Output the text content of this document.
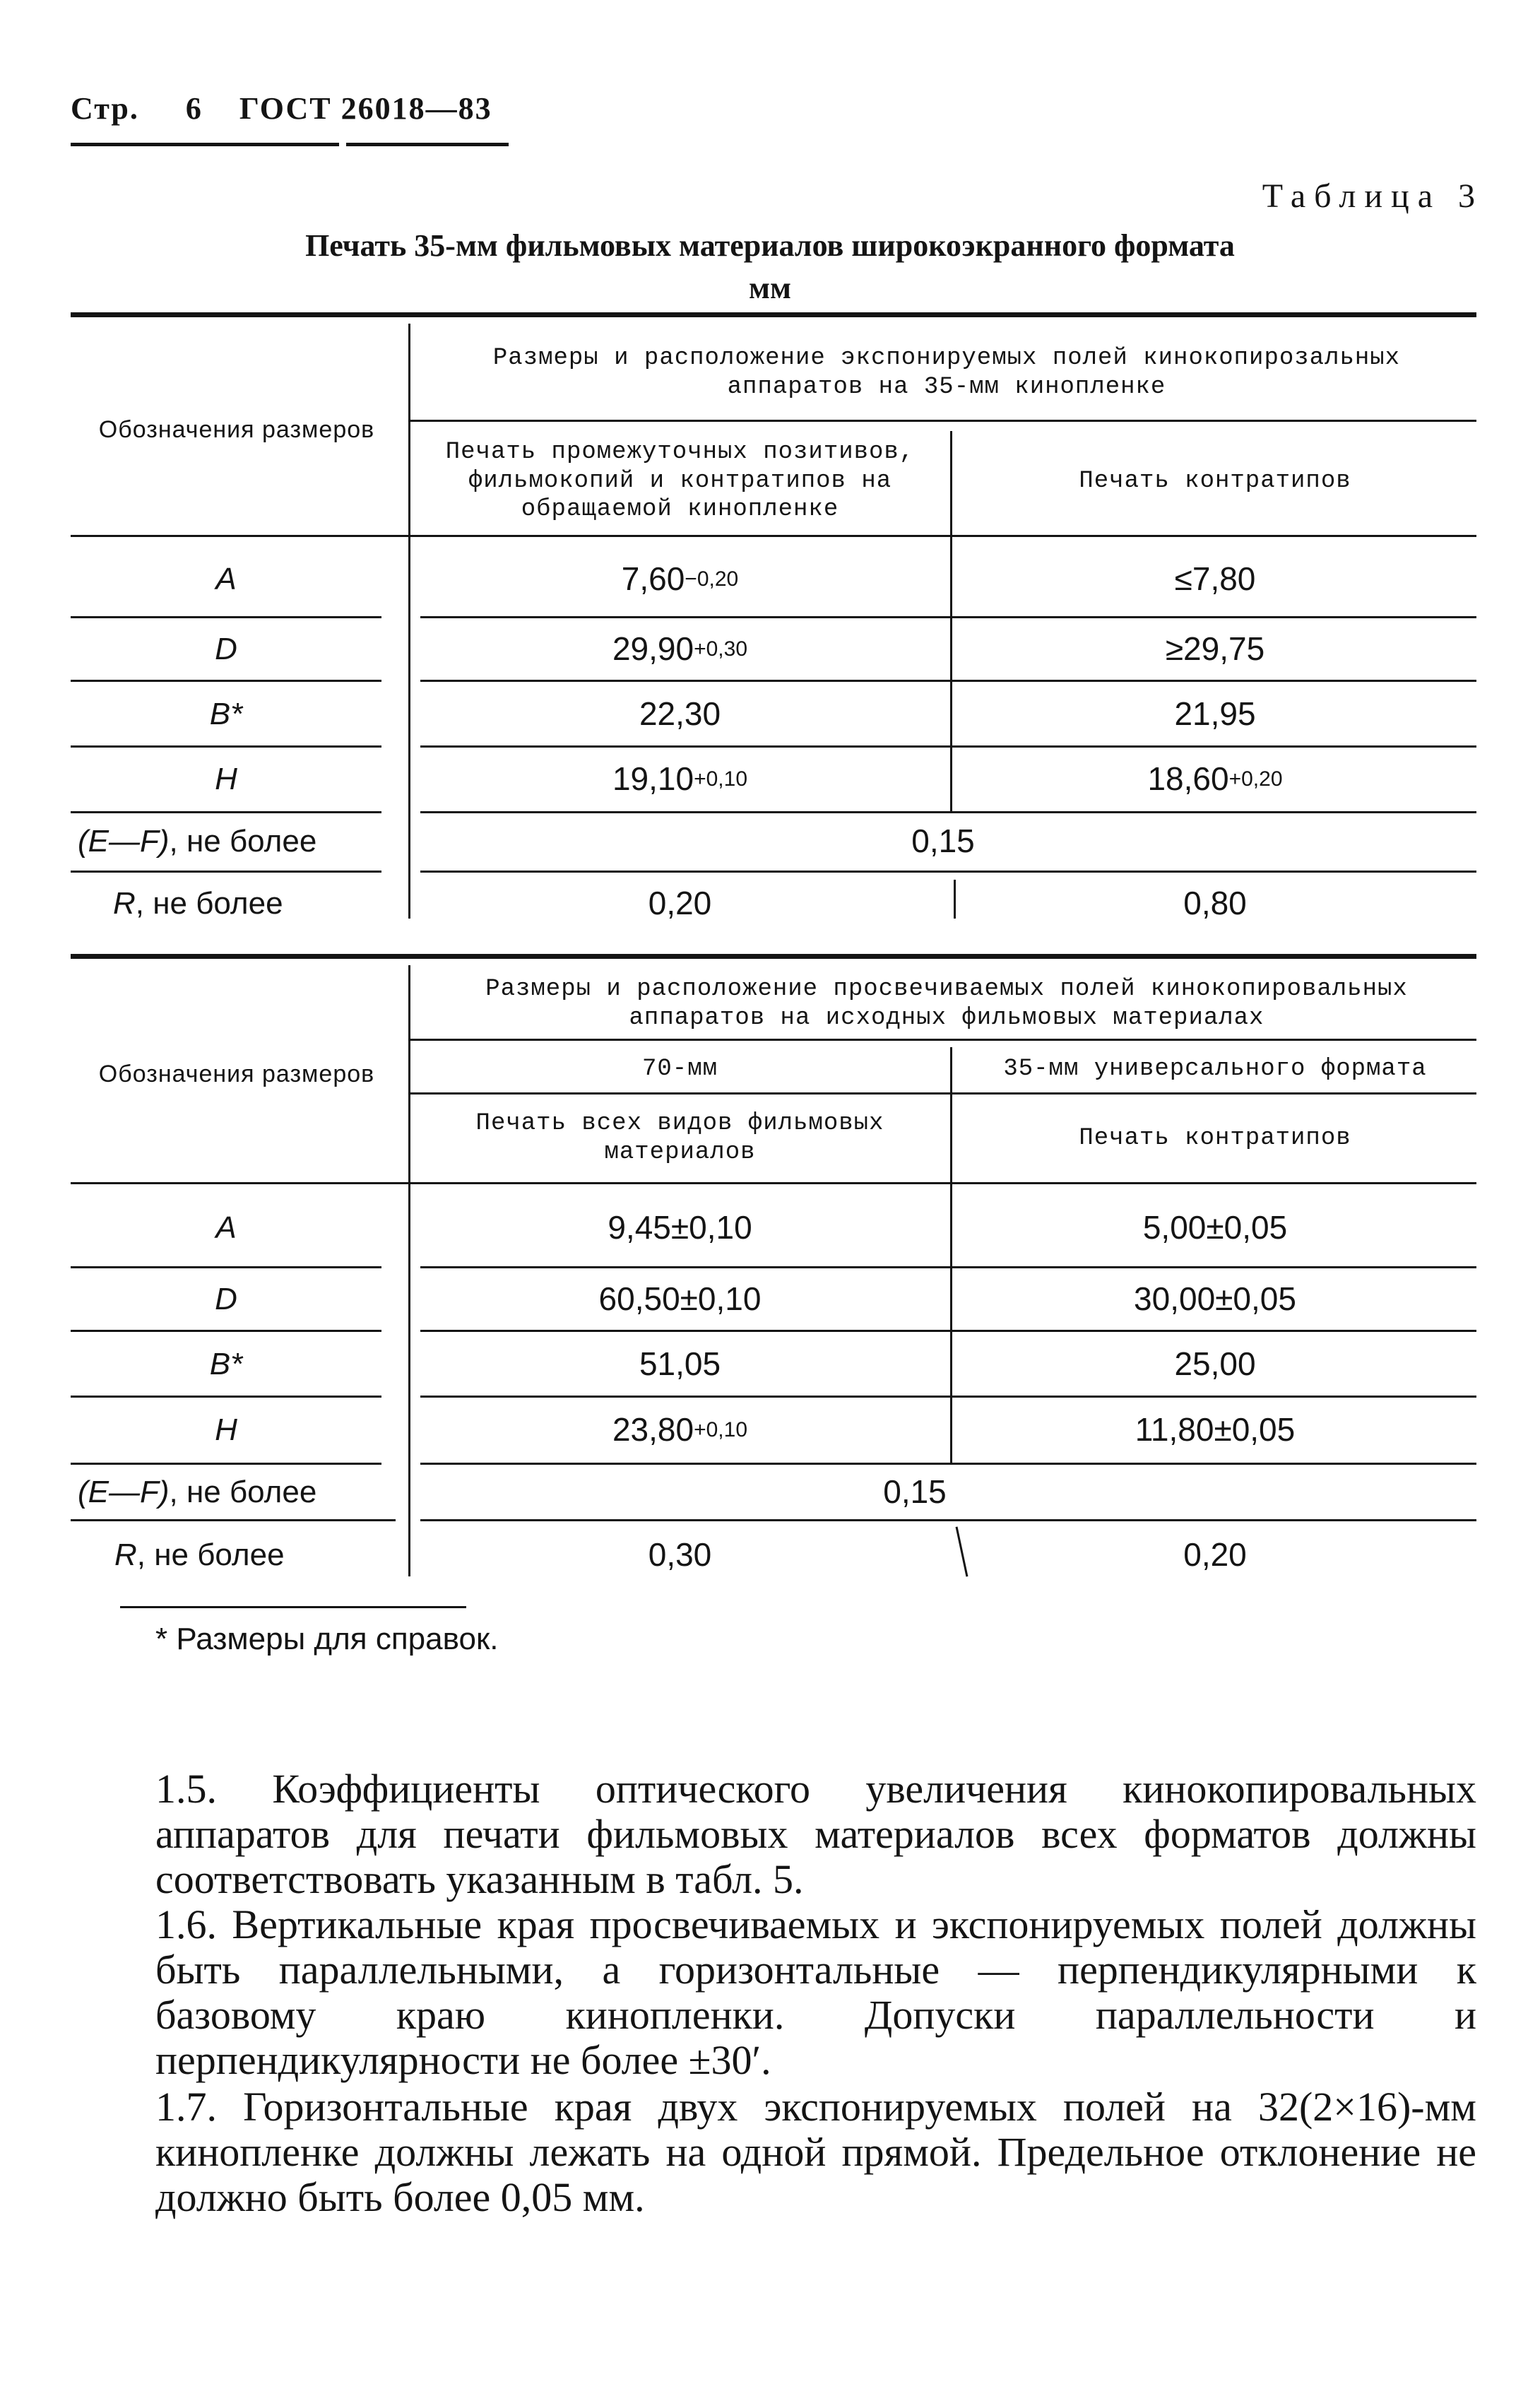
Стр. 6 ГОСТ 26018—83
Таблица 3
Печать 35-мм фильмовых материалов широкоэкранного формата
мм
Обозначения размеров
Размеры и расположение экспонируемых полей кинокопирозальных аппаратов на 35-мм кинопленке
Печать промежуточных позитивов, фильмокопий и контратипов на обращаемой кинопленке
Печать контратипов
A	7,60 −0,20	≤7,80
D	29,90 +0,30	≥29,75
B*	22,30	21,95
H	19,10 +0,10	18,60 +0,20
(E—F) , не более	0,15
R , не более	0,20	0,80
Обозначения размеров
Размеры и расположение просвечиваемых полей кинокопировальных аппаратов на исходных фильмовых материалах
70-мм	35-мм универсального формата
Печать всех видов фильмовых материалов
Печать контратипов
A	9,45±0,10	5,00±0,05
D	60,50±0,10	30,00±0,05
B*	51,05	25,00
H	23,80 +0,10	11,80±0,05
(E—F) , не более	0,15
R , не более	0,30	0,20
* Размеры для справок.
1.5. Коэффициенты оптического увеличения кинокопировальных аппаратов для печати фильмовых материалов всех форматов должны соответствовать указанным в табл. 5.
1.6. Вертикальные края просвечиваемых и экспонируемых полей должны быть параллельными, а горизонтальные — перпендикулярными к базовому краю кинопленки. Допуски параллельности и перпендикулярности не более ±30′.
1.7. Горизонтальные края двух экспонируемых полей на 32(2×16)-мм кинопленке должны лежать на одной прямой. Предельное отклонение не должно быть более 0,05 мм.
